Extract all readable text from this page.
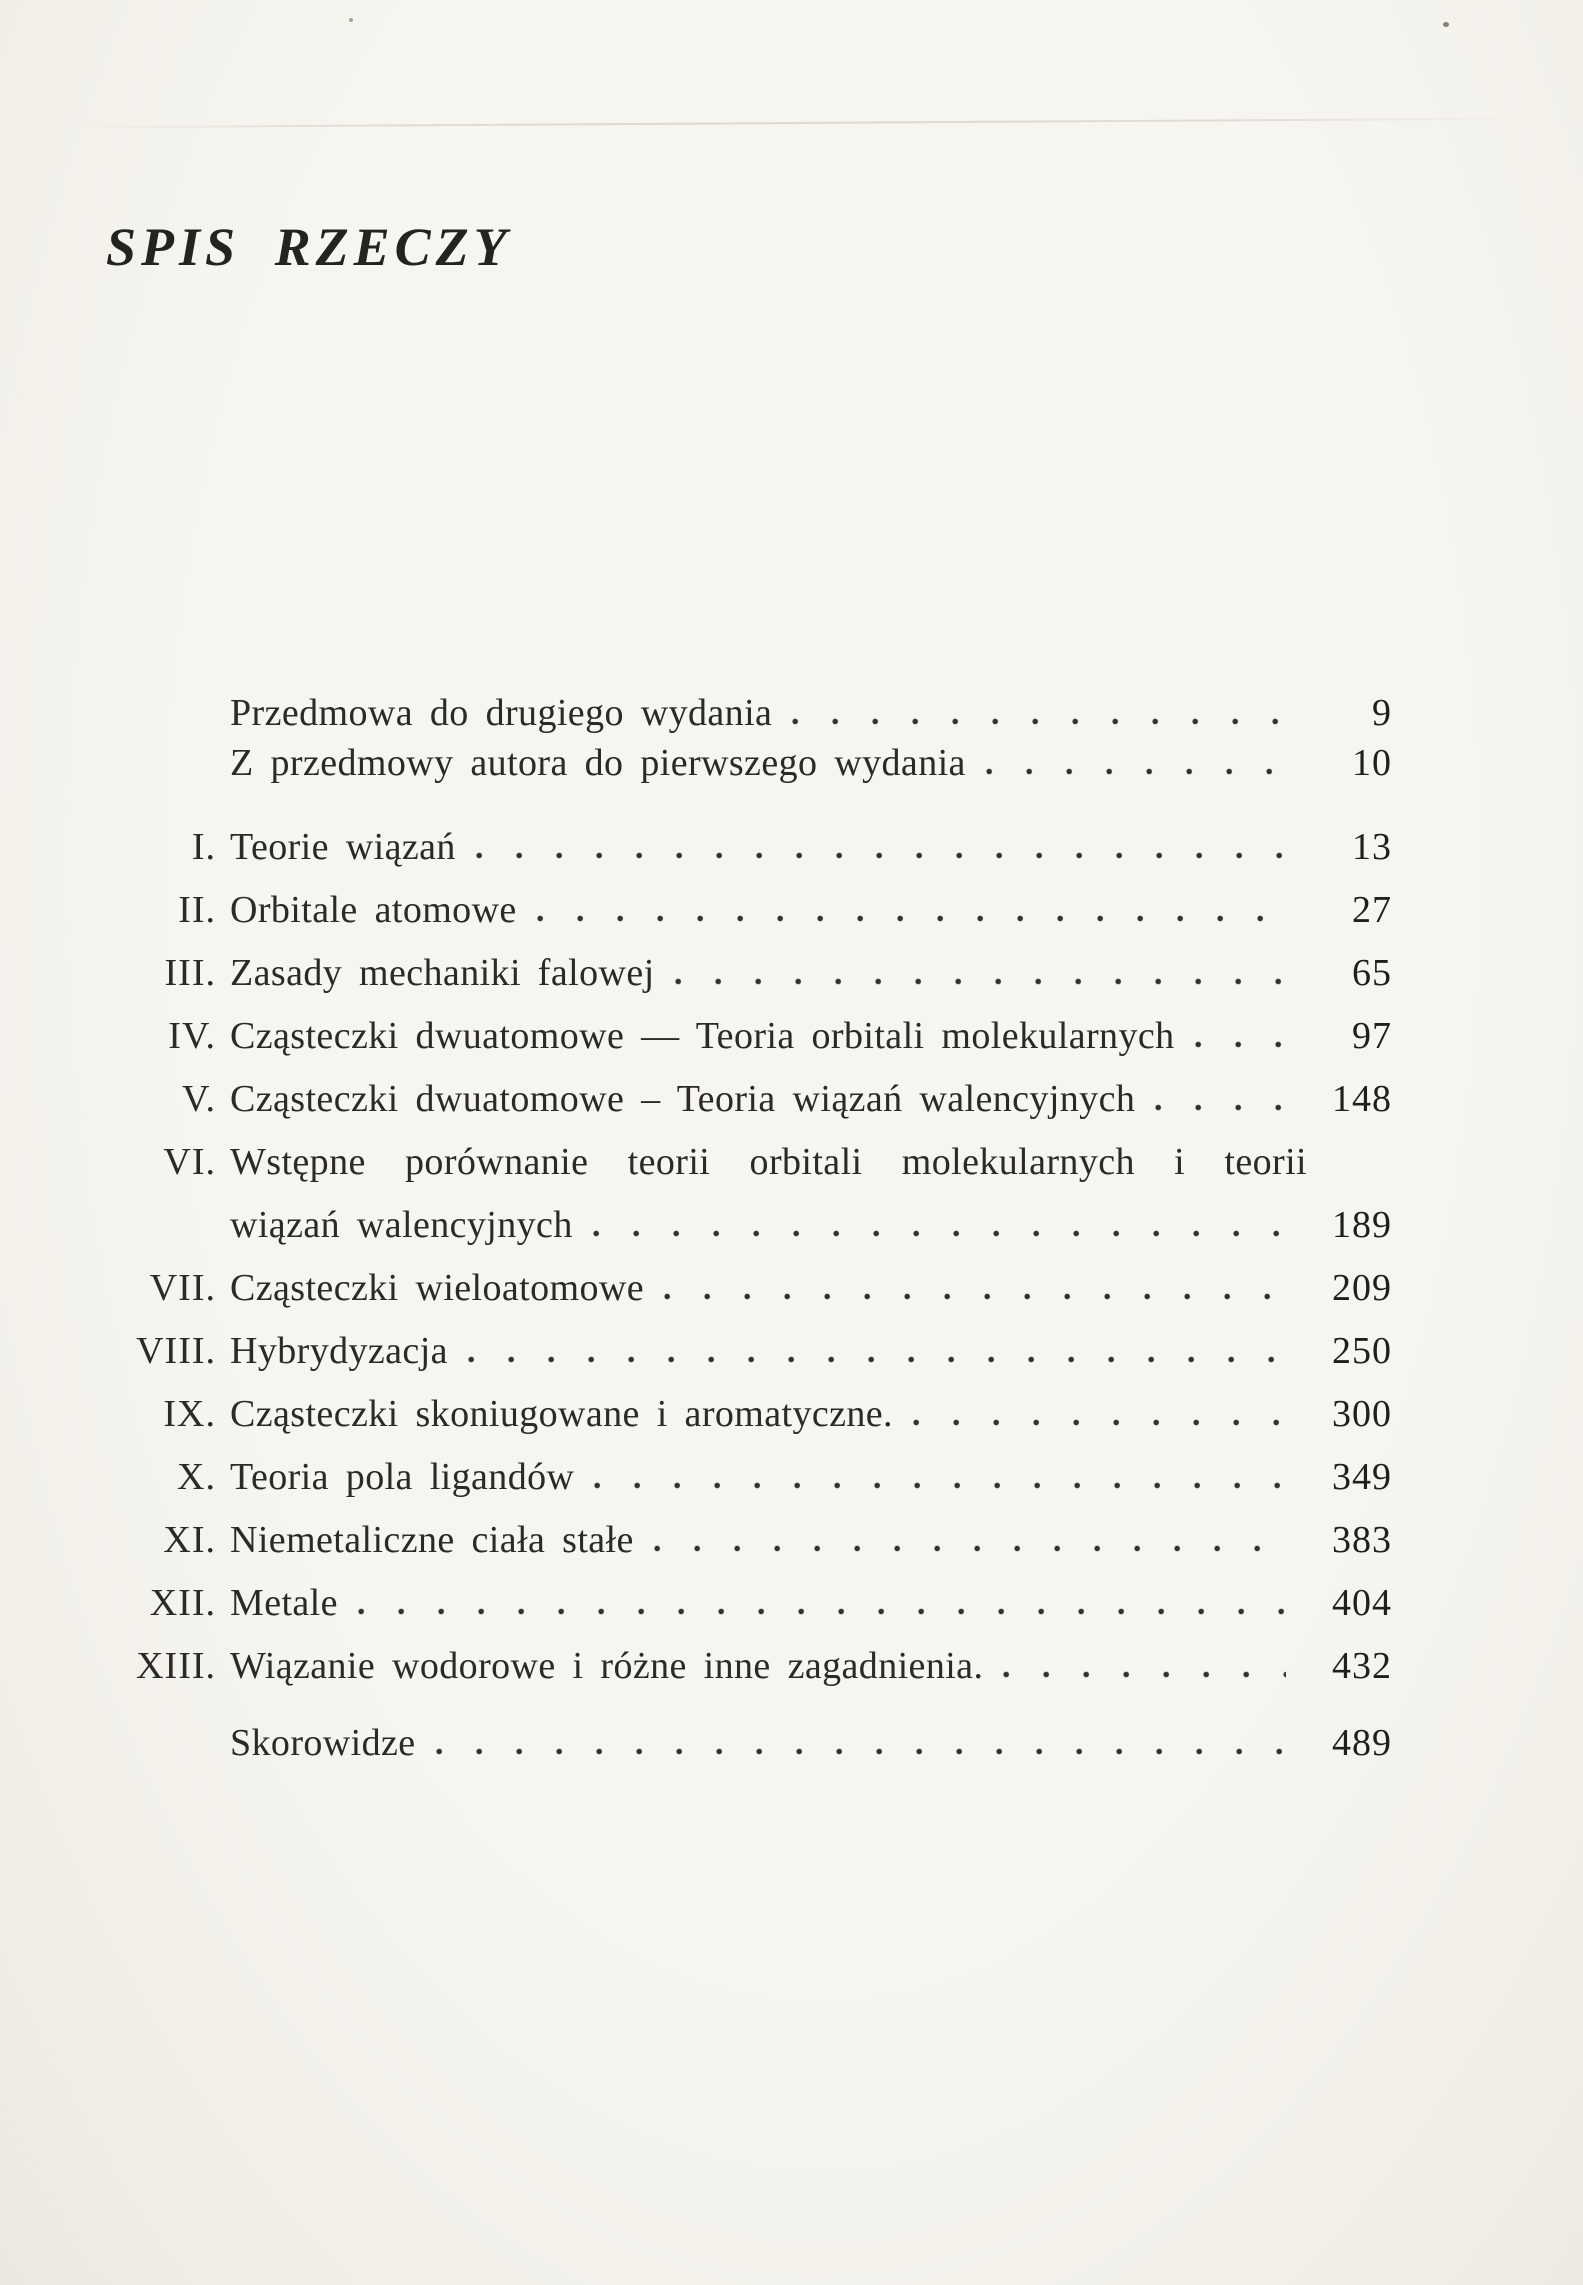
SPIS RZECZY
Przedmowa do drugiego wydania	9
Z przedmowy autora do pierwszego wydania	10
I. Teorie wiązań	13
II. Orbitale atomowe	27
III. Zasady mechaniki falowej	65
IV. Cząsteczki dwuatomowe — Teoria orbitali molekularnych	97
V. Cząsteczki dwuatomowe – Teoria wiązań walencyjnych	148
VI. Wstępne porównanie teorii orbitali molekularnych i teorii
wiązań walencyjnych	189
VII. Cząsteczki wieloatomowe	209
VIII. Hybrydyzacja	250
IX. Cząsteczki skoniugowane i aromatyczne.	300
X. Teoria pola ligandów	349
XI. Niemetaliczne ciała stałe	383
XII. Metale	404
XIII. Wiązanie wodorowe i różne inne zagadnienia.	432
Skorowidze	489
